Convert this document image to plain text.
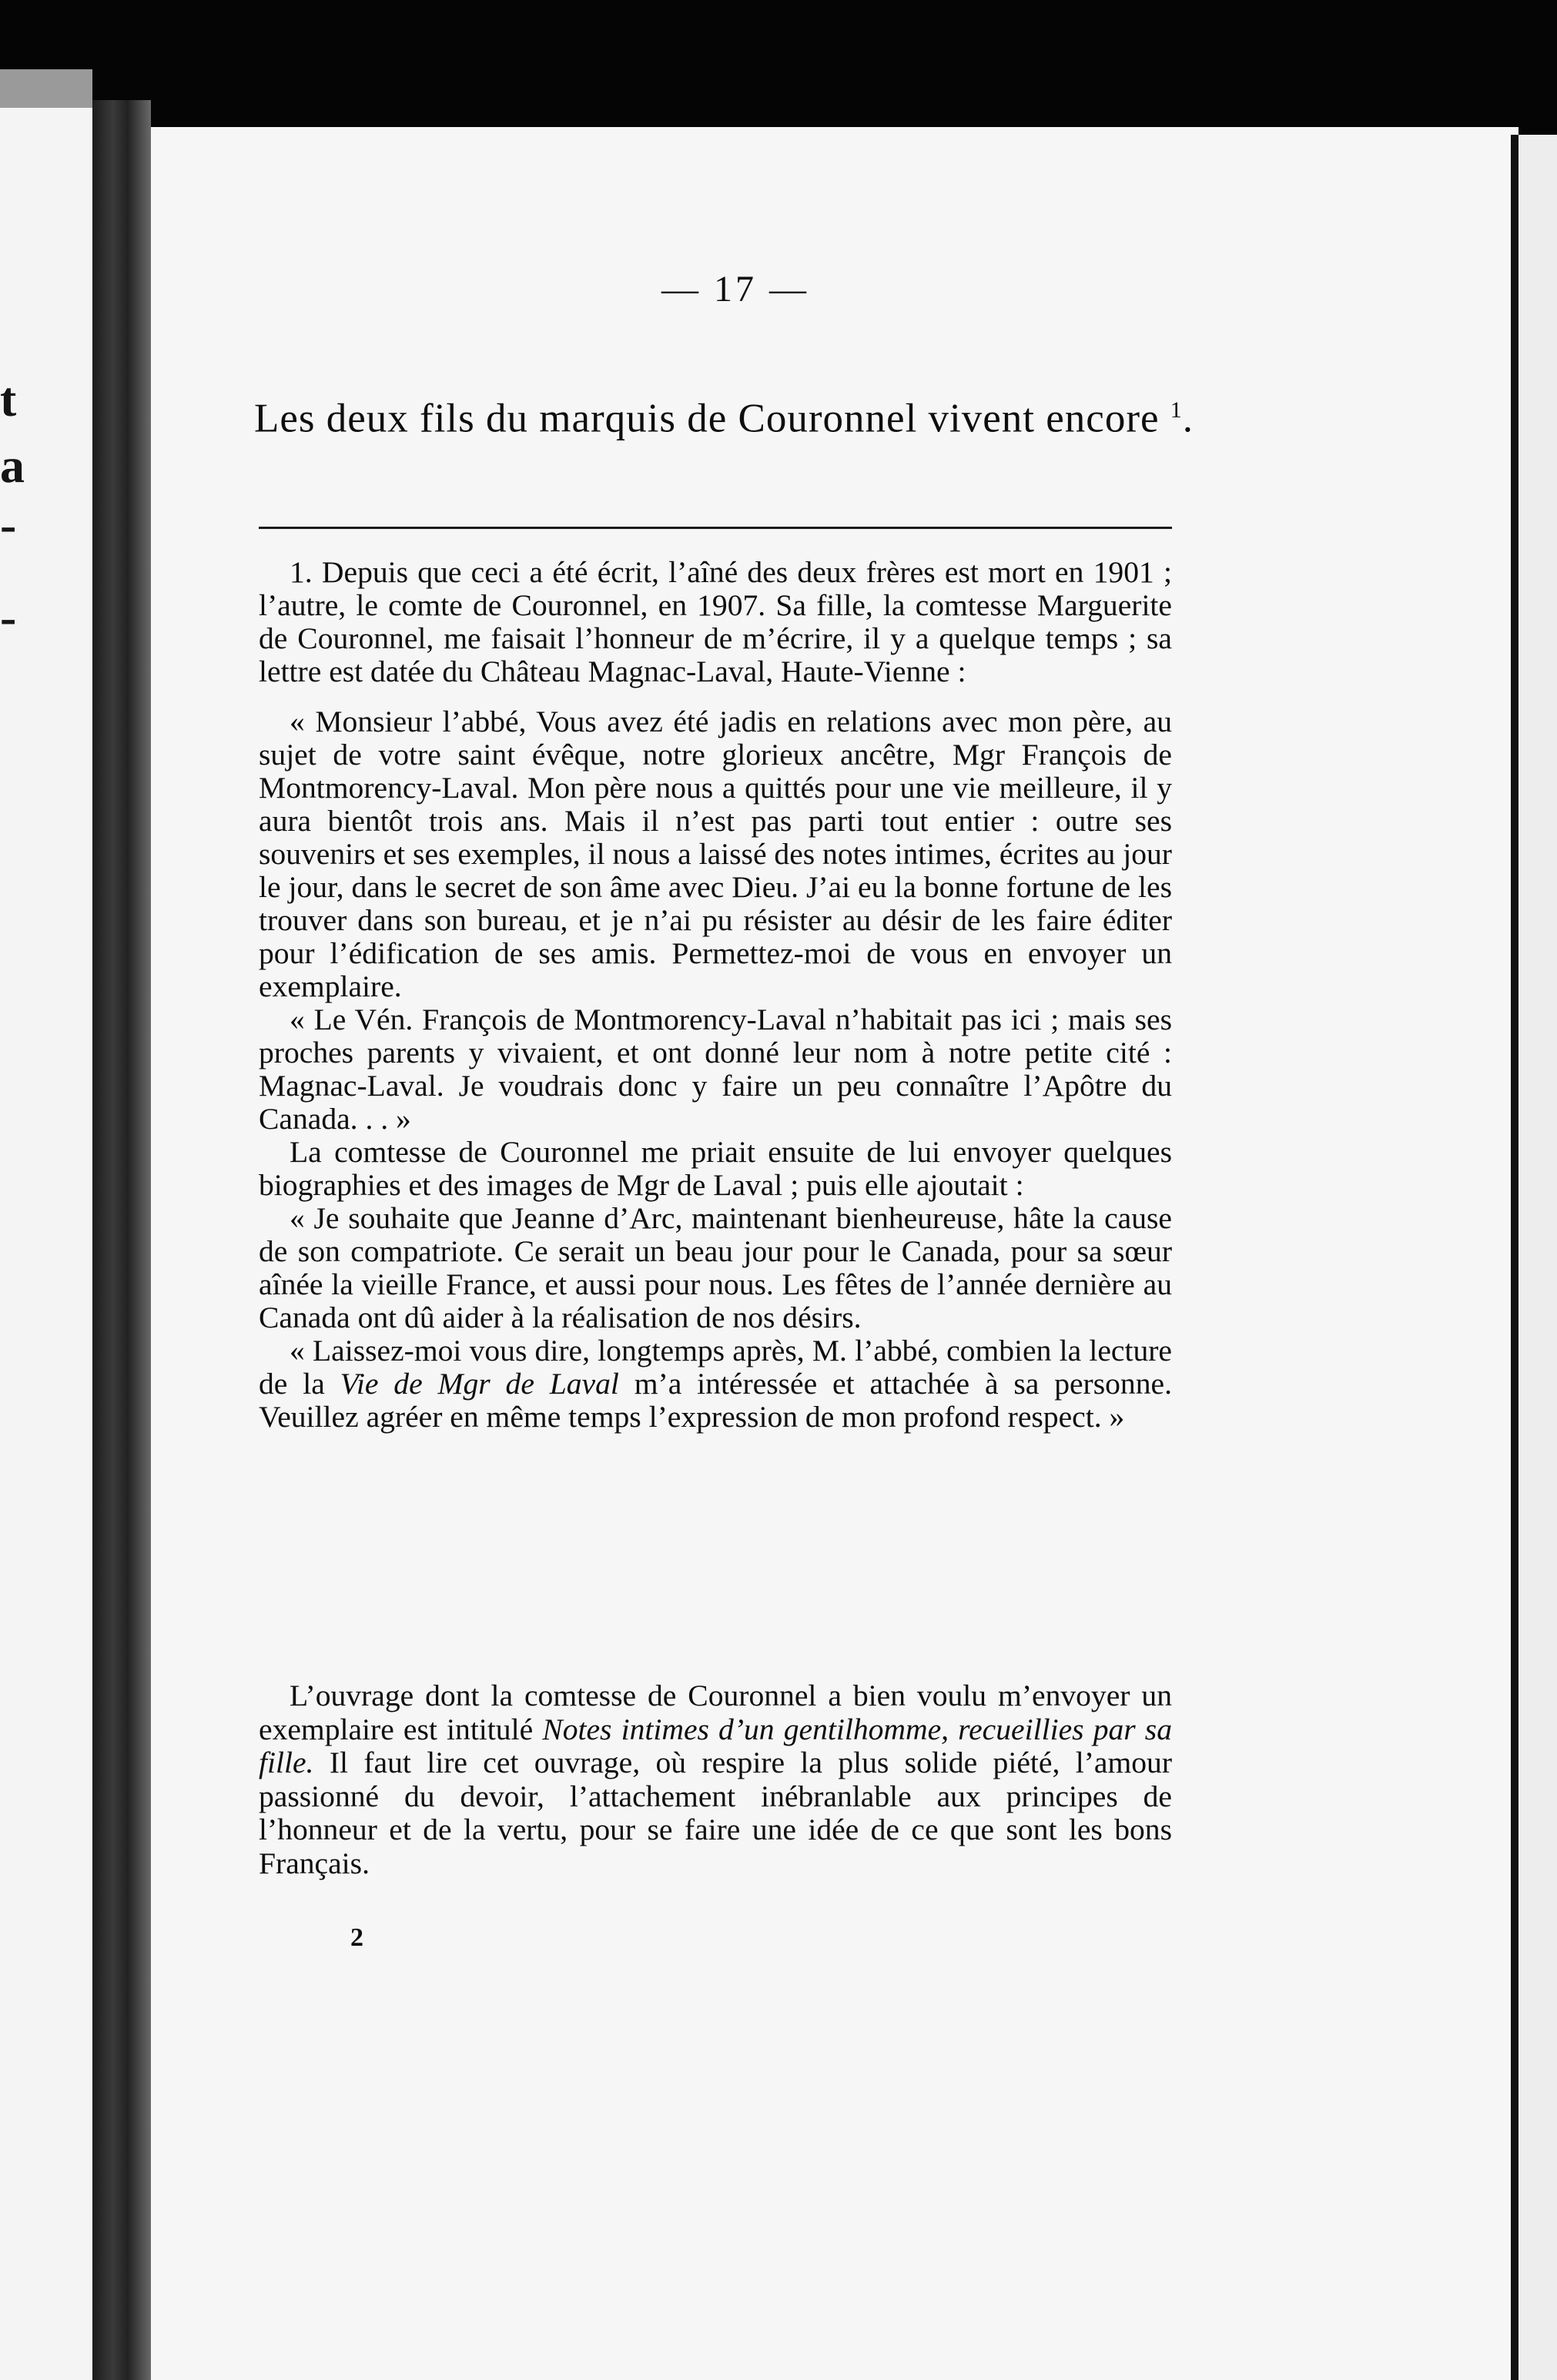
t
a
-
-
— 17 —
Les deux fils du marquis de Couronnel vivent encore $^1$.

1. Depuis que ceci a été écrit, l’aîné des deux frères est mort en 1901 ; l’autre, le comte de Couronnel, en 1907. Sa fille, la comtesse Marguerite de Couronnel, me faisait l’honneur de m’écrire, il y a quelque temps ; sa lettre est datée du Château Magnac-Laval, Haute-Vienne :

« Monsieur l’abbé, Vous avez été jadis en relations avec mon père, au sujet de votre saint évêque, notre glorieux ancêtre, Mgr François de Montmorency-Laval. Mon père nous a quittés pour une vie meilleure, il y aura bientôt trois ans. Mais il n’est pas parti tout entier : outre ses souvenirs et ses exemples, il nous a laissé des notes intimes, écrites au jour le jour, dans le secret de son âme avec Dieu. J’ai eu la bonne fortune de les trouver dans son bureau, et je n’ai pu résister au désir de les faire éditer pour l’édification de ses amis. Permettez-moi de vous en envoyer un exemplaire.

« Le Vén. François de Montmorency-Laval n’habitait pas ici ; mais ses proches parents y vivaient, et ont donné leur nom à notre petite cité : Magnac-Laval. Je voudrais donc y faire un peu connaître l’Apôtre du Canada. . . »

La comtesse de Couronnel me priait ensuite de lui envoyer quelques biographies et des images de Mgr de Laval ; puis elle ajoutait :

« Je souhaite que Jeanne d’Arc, maintenant bienheureuse, hâte la cause de son compatriote. Ce serait un beau jour pour le Canada, pour sa sœur aînée la vieille France, et aussi pour nous. Les fêtes de l’année dernière au Canada ont dû aider à la réalisation de nos désirs.

« Laissez-moi vous dire, longtemps après, M. l’abbé, combien la lecture de la Vie de Mgr de Laval m’a intéressée et attachée à sa personne. Veuillez agréer en même temps l’expression de mon profond respect. »

L’ouvrage dont la comtesse de Couronnel a bien voulu m’envoyer un exemplaire est intitulé Notes intimes d’un gentilhomme, recueillies par sa fille. Il faut lire cet ouvrage, où respire la plus solide piété, l’amour passionné du devoir, l’attachement inébranlable aux principes de l’honneur et de la vertu, pour se faire une idée de ce que sont les bons Français.

2
